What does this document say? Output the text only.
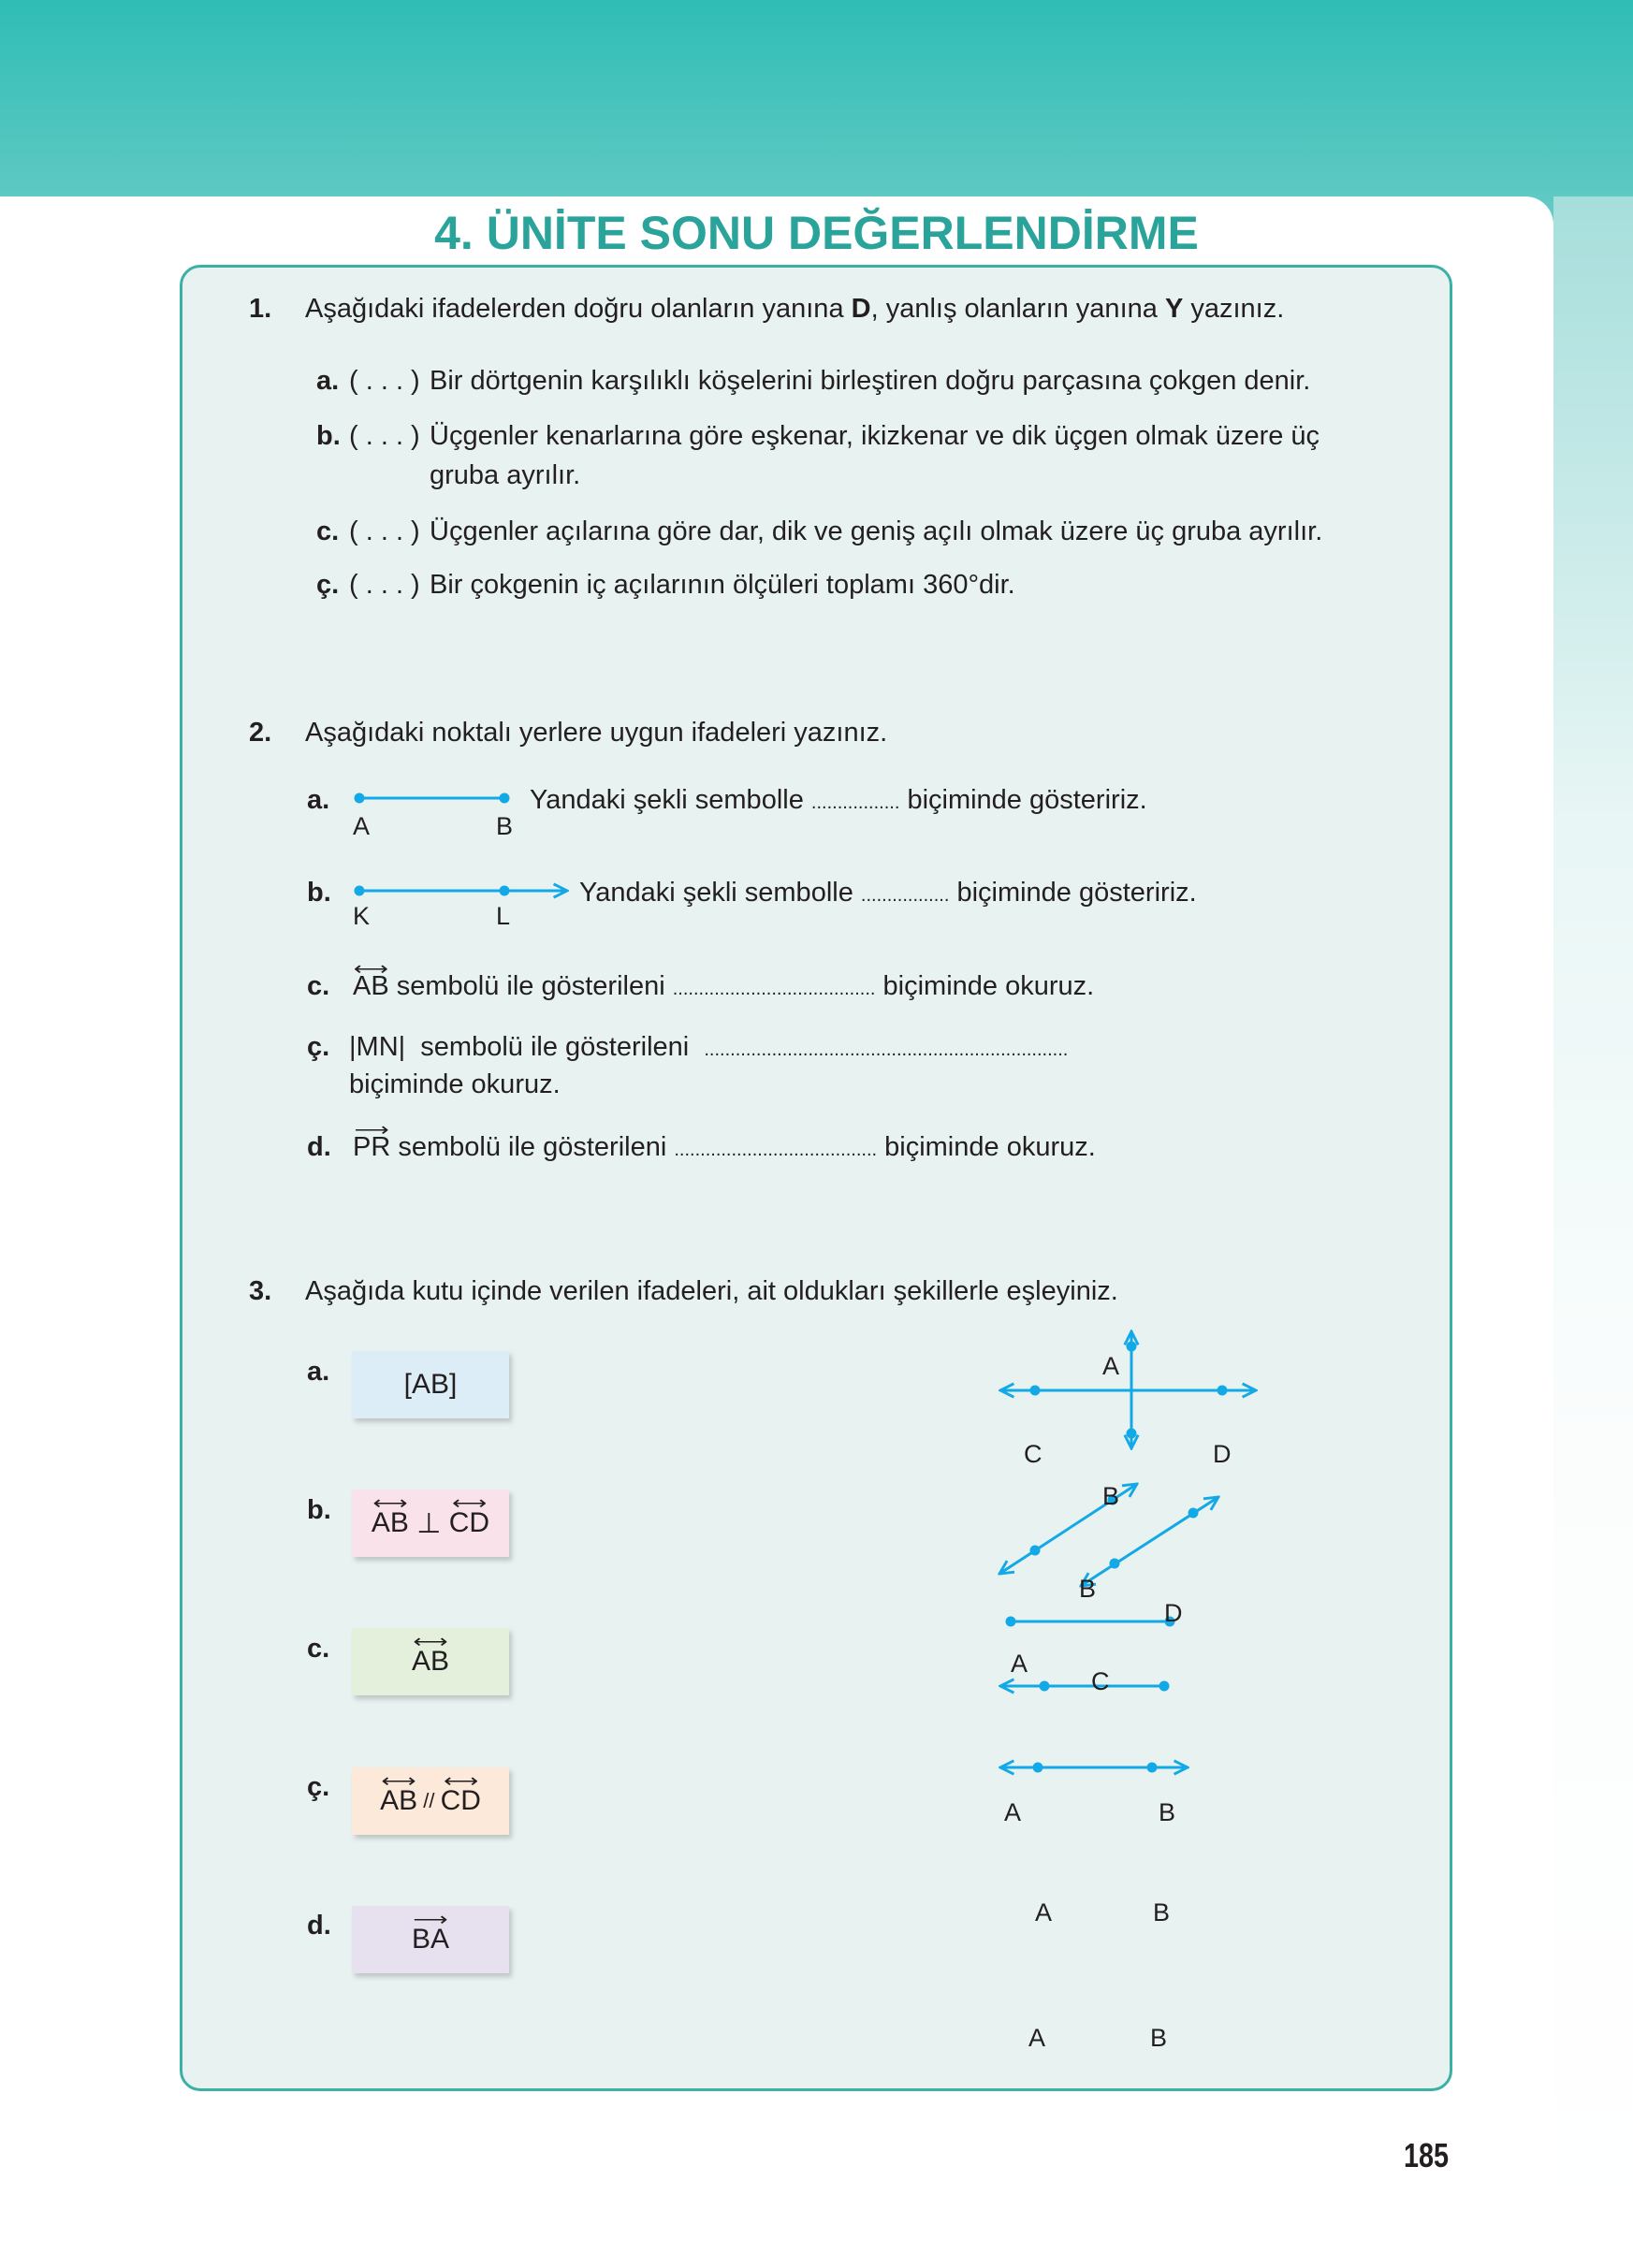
4. ÜNİTE SONU DEĞERLENDİRME
1. Aşağıdaki ifadelerden doğru olanların yanına D, yanlış olanların yanına Y yazınız.
a. ( . . . ) Bir dörtgenin karşılıklı köşelerini birleştiren doğru parçasına çokgen denir.
b. ( . . . ) Üçgenler kenarlarına göre eşkenar, ikizkenar ve dik üçgen olmak üzere üç
gruba ayrılır.
c. ( . . . ) Üçgenler açılarına göre dar, dik ve geniş açılı olmak üzere üç gruba ayrılır.
ç. ( . . . ) Bir çokgenin iç açılarının ölçüleri toplamı 360°dir.
2. Aşağıdaki noktalı yerlere uygun ifadeleri yazınız.
A	B
K	L
a.	Yandaki şekli sembolle ................. biçiminde gösteririz.
b.	Yandaki şekli sembolle ................. biçiminde gösteririz.
c. ⟷ AB sembolü ile gösterileni ....................................... biçiminde okuruz.
ç. |MN| sembolü ile gösterileni ......................................................................
biçiminde okuruz.
d. ⟶ PR sembolü ile gösterileni ....................................... biçiminde okuruz.
3. Aşağıda kutu içinde verilen ifadeleri, ait oldukları şekillerle eşleyiniz.
a.	[AB]
b. ⟷ AB ⊥ ⟷ CD
c.	⟷ AB
ç. ⟷ AB // ⟷ CD
d.	⟶ BA
A
C	D
B
B
A
D
C
A	B
A	B
A	B
185
